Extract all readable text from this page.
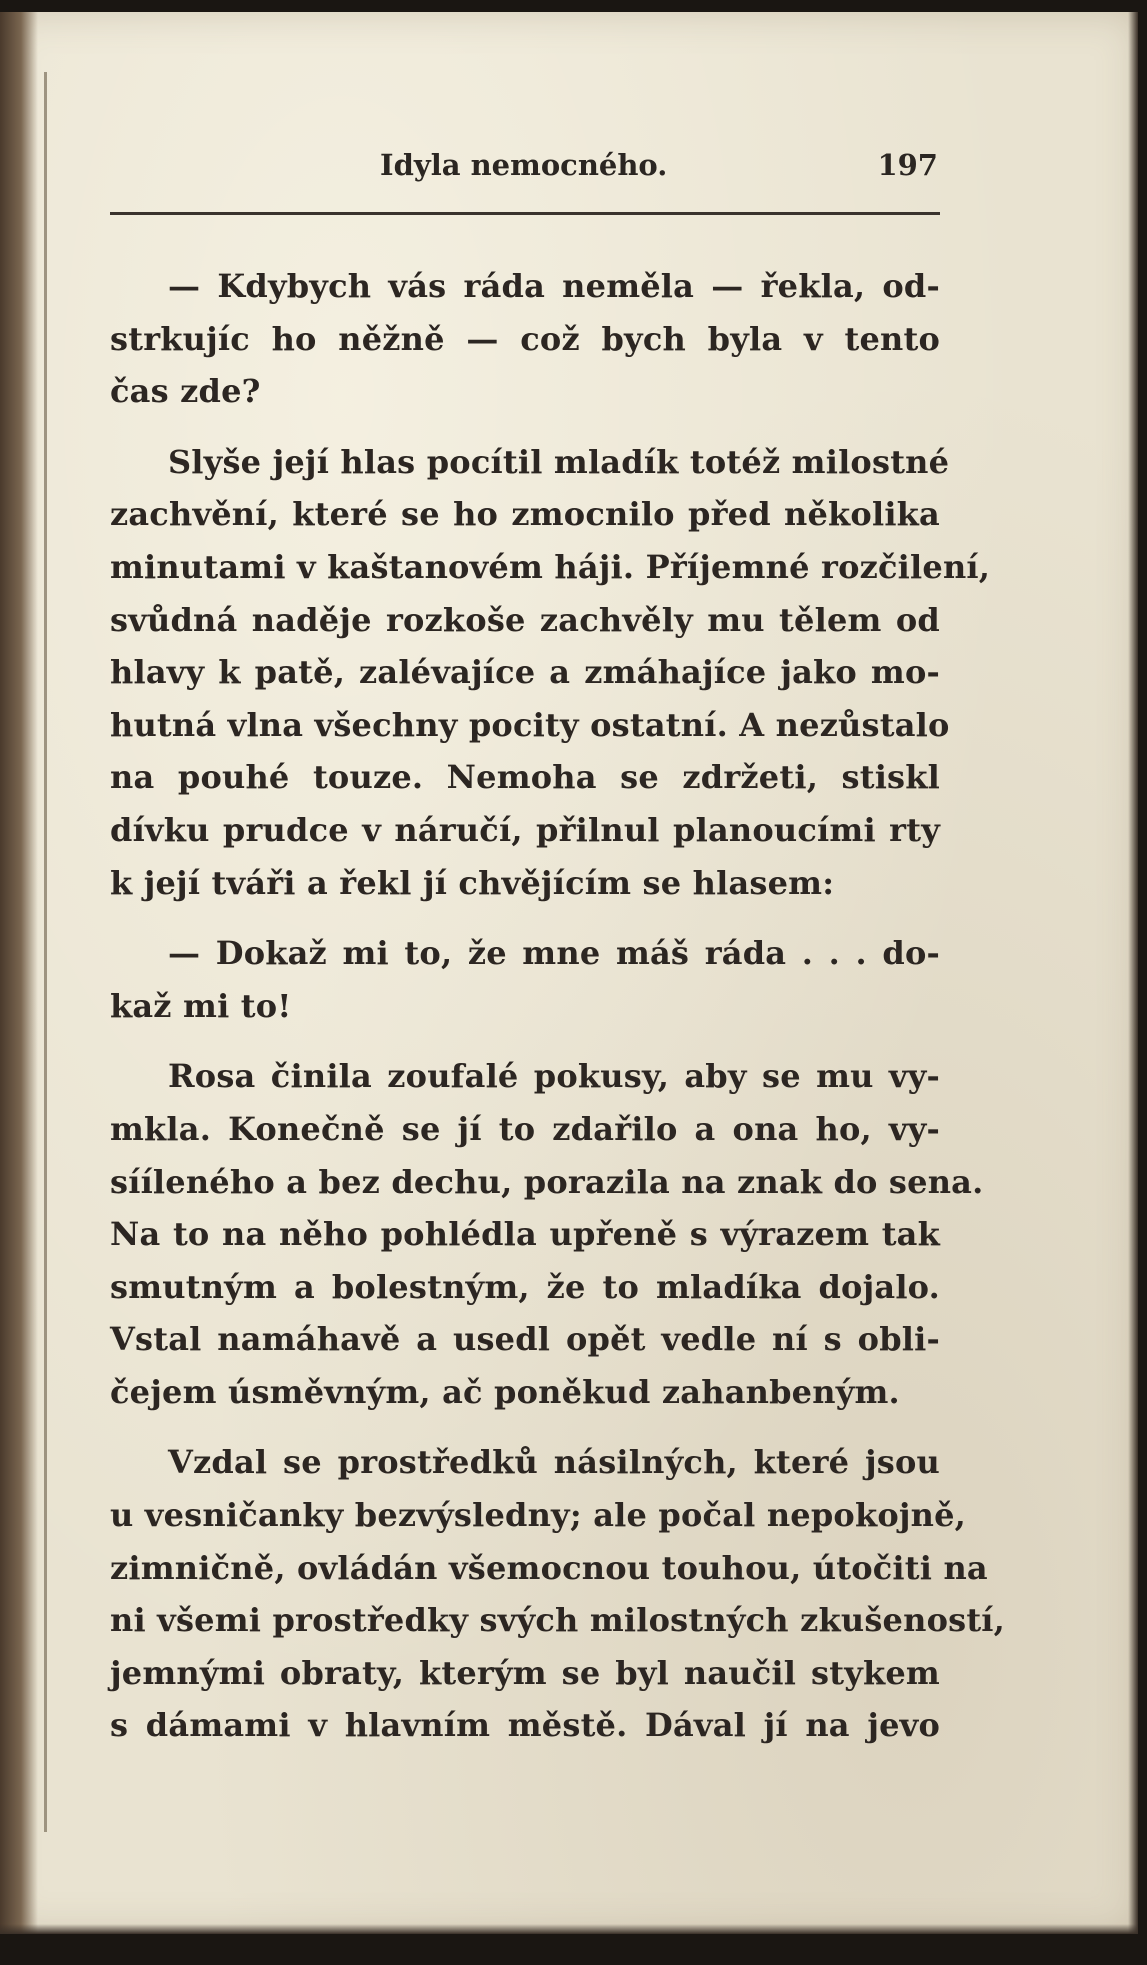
Idyla nemocného.	197

— Kdybych vás ráda neměla — řekla, od-
strkujíc ho něžně — což bych byla v tento
čas zde?

Slyše její hlas pocítil mladík totéž milostné
zachvění, které se ho zmocnilo před několika
minutami v kaštanovém háji. Příjemné rozčilení,
svůdná naděje rozkoše zachvěly mu tělem od
hlavy k patě, zalévajíce a zmáhajíce jako mo-
hutná vlna všechny pocity ostatní. A nezůstalo
na pouhé touze. Nemoha se zdržeti, stiskl
dívku prudce v náručí, přilnul planoucími rty
k její tváři a řekl jí chvějícím se hlasem:

— Dokaž mi to, že mne máš ráda . . . do-
kaž mi to!

Rosa činila zoufalé pokusy, aby se mu vy-
mkla. Konečně se jí to zdařilo a ona ho, vy-
sííleného a bez dechu, porazila na znak do sena.
Na to na něho pohlédla upřeně s výrazem tak
smutným a bolestným, že to mladíka dojalo.
Vstal namáhavě a usedl opět vedle ní s obli-
čejem úsměvným, ač poněkud zahanbeným.

Vzdal se prostředků násilných, které jsou
u vesničanky bezvýsledny; ale počal nepokojně,
zimničně, ovládán všemocnou touhou, útočiti na
ni všemi prostředky svých milostných zkušeností,
jemnými obraty, kterým se byl naučil stykem
s dámami v hlavním městě. Dával jí na jevo
